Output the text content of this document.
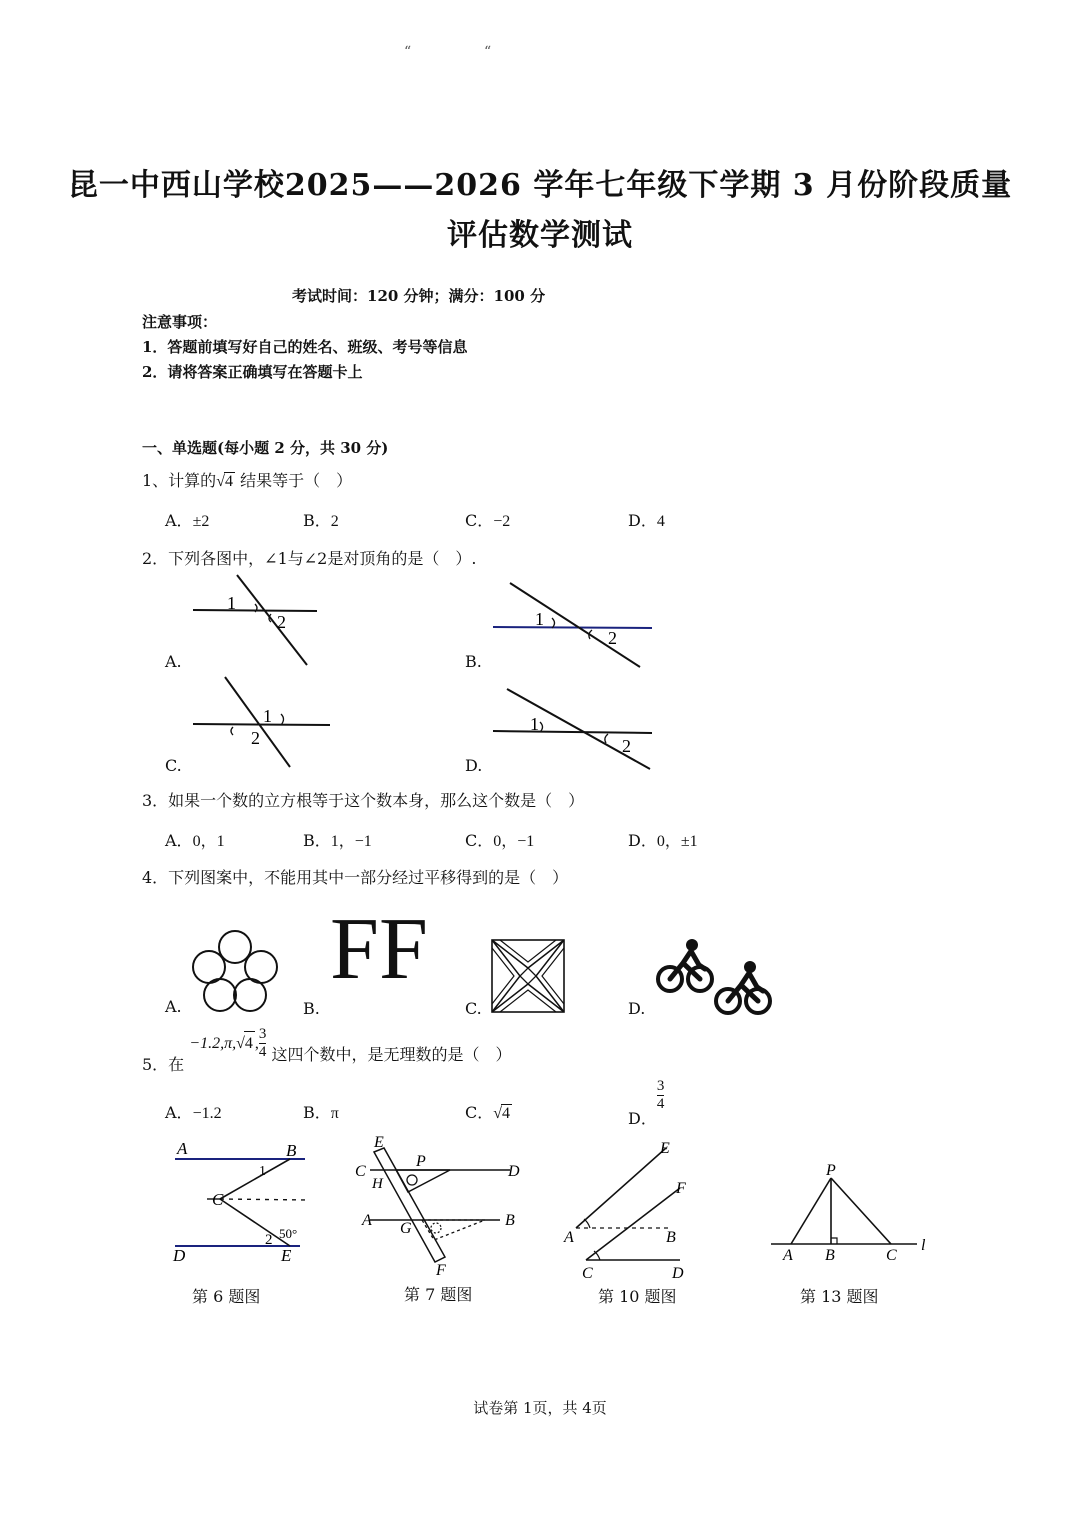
“	“
昆一中西山学校2025——2026 学年七年级下学期 3 月份阶段质量
评估数学测试
考试时间：120 分钟；满分：100 分
注意事项：
1．答题前填写好自己的姓名、班级、考号等信息
2．请将答案正确填写在答题卡上
一、单选题(每小题 2 分，共 30 分)
1、计算的√4 结果等于（　）
A．±2	B．2	C．−2	D．4
2．下列各图中，∠1与∠2是对顶角的是（　）.
1
2
A.
1
2
B.
1
2
C.
1
2
D.
3．如果一个数的立方根等于这个数本身，那么这个数是（　）
A．0，1	B．1，−1	C．0，−1	D．0，±1
4．下列图案中，不能用其中一部分经过平移得到的是（　）
A.
FF
B.	C.	D.
5．在 −1.2,π,√4 , $\frac{3}{4}$ 这四个数中，是无理数的是（　）
A．−1.2	B．π	C．√4	D．
$\frac{3}{4}$
A	B
C
D	E
1
2 50°
第 6 题图
E
C
P
D
H
A G	B
F
第 7 题图
E
F
A	B
C	D
第 10 题图
P
A B	C
l
第 13 题图
试卷第 1页，共 4页
